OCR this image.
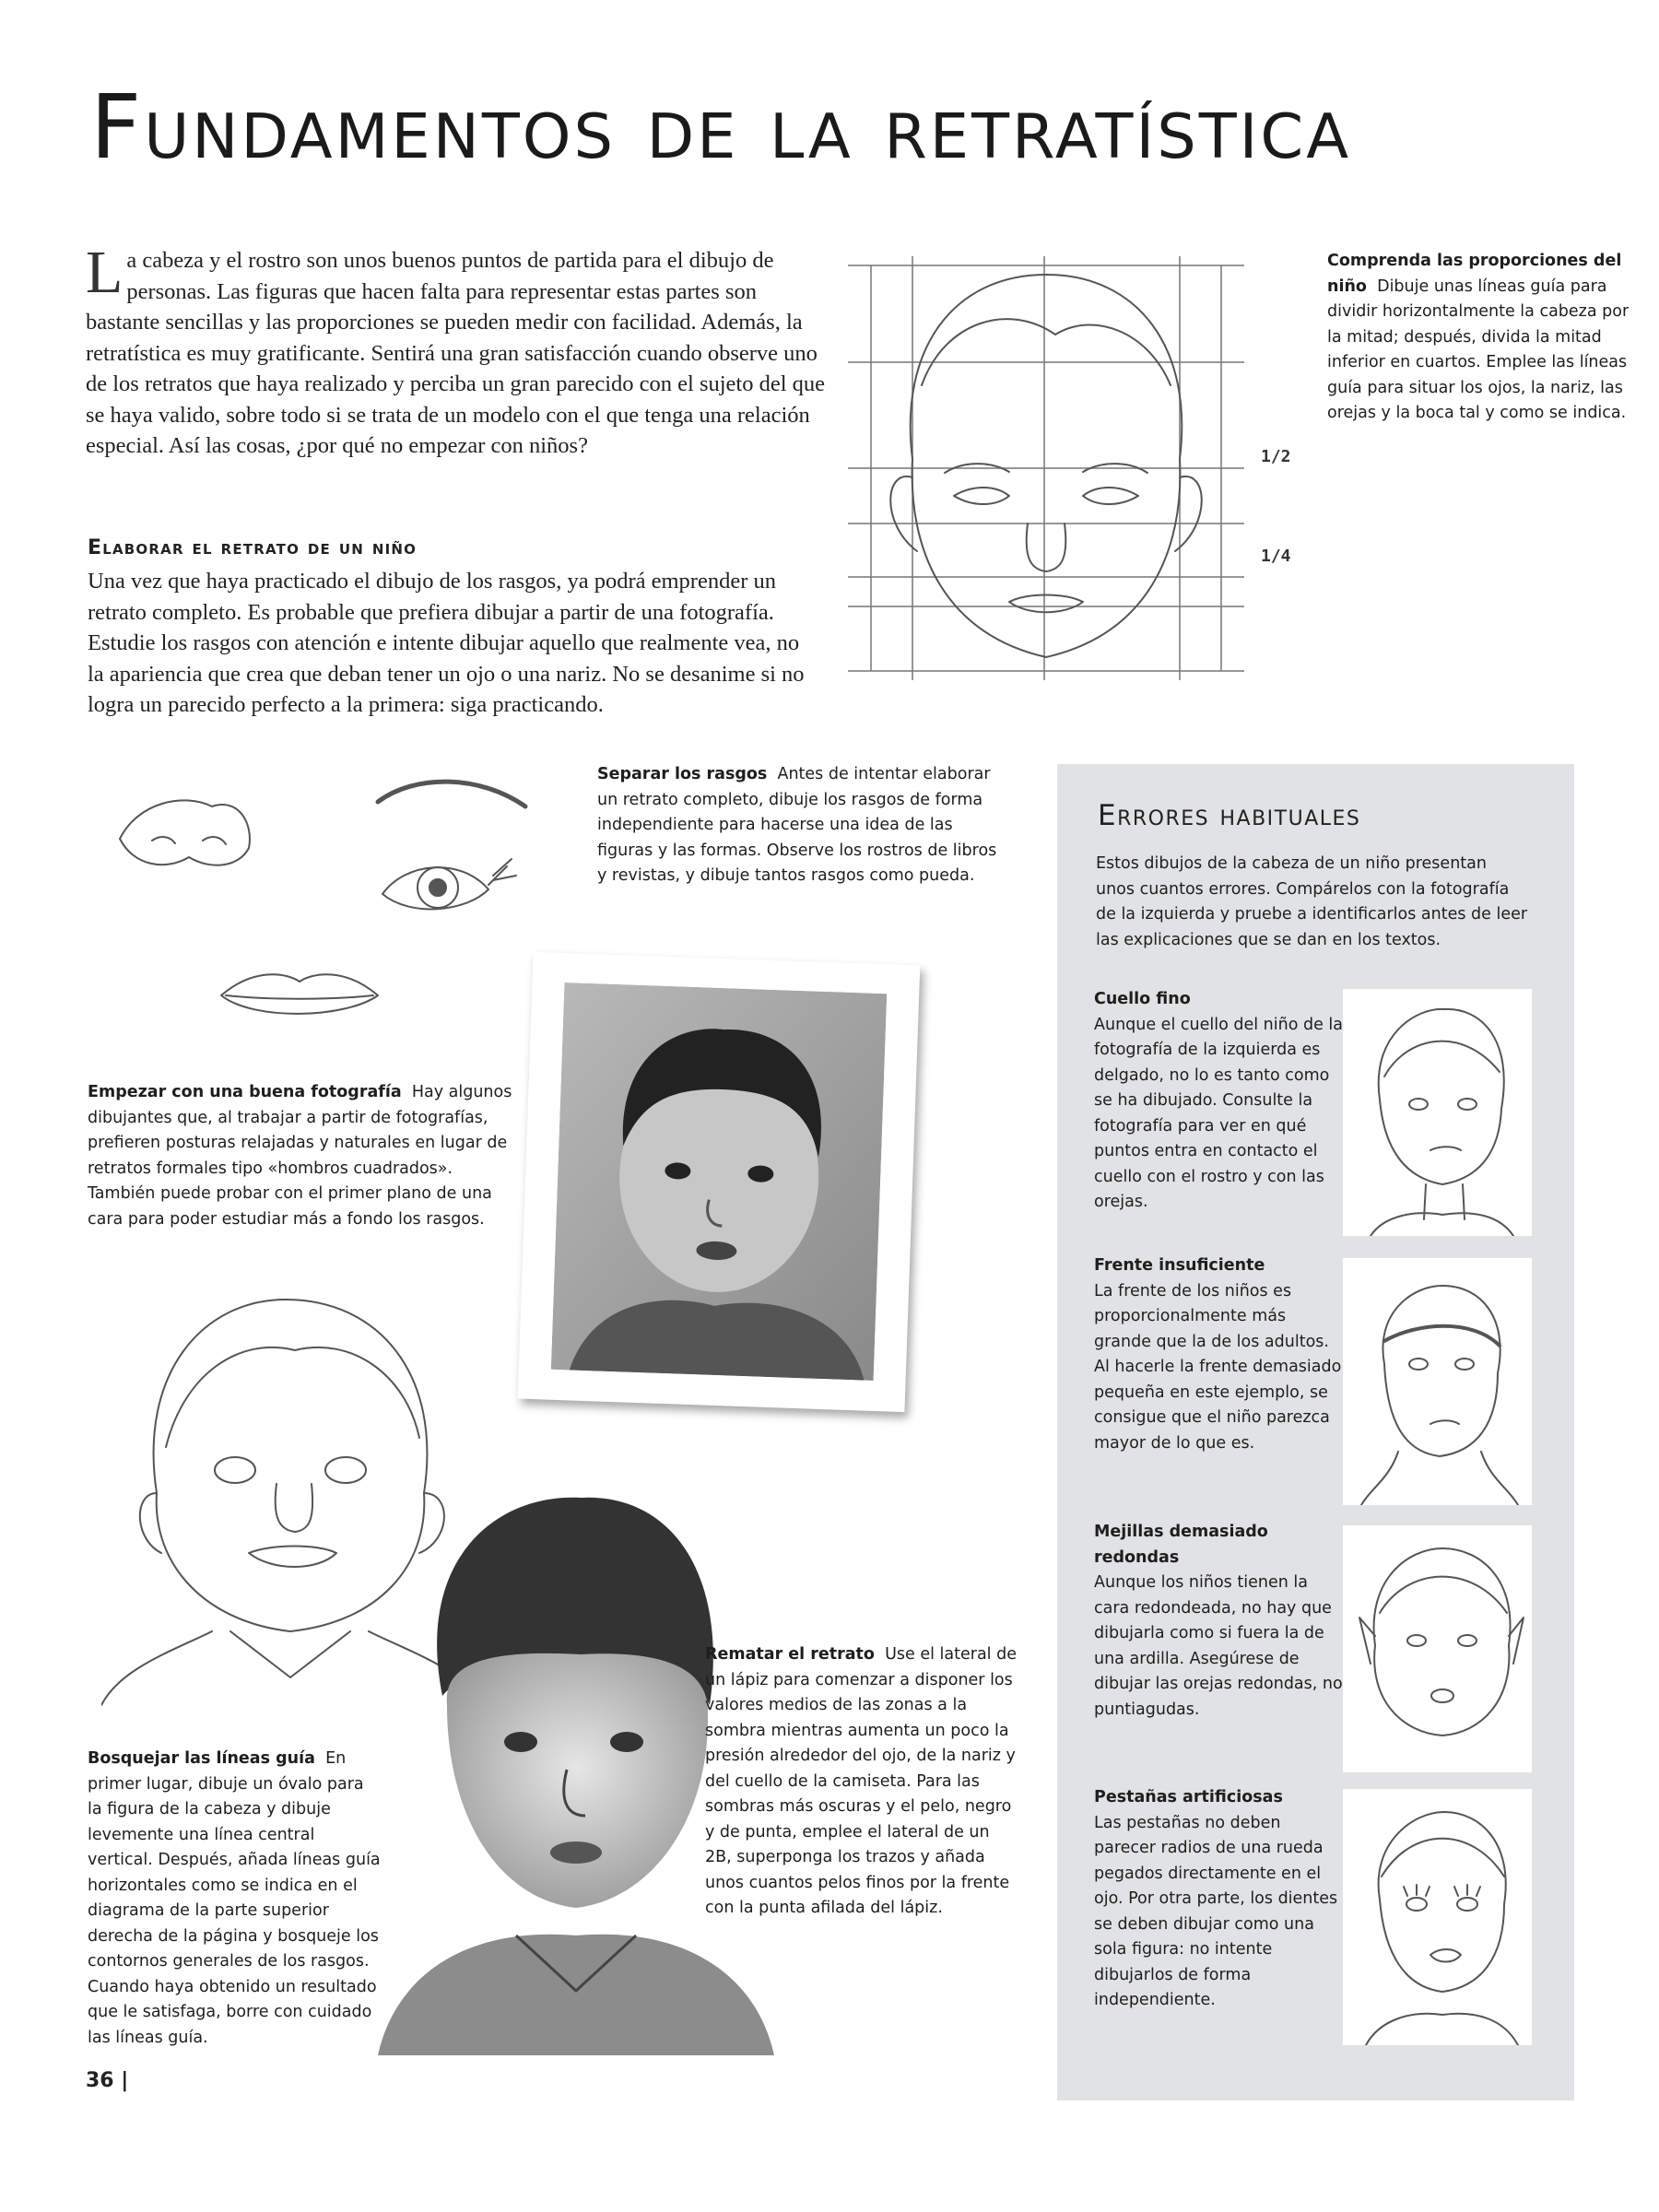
Fundamentos de la retratística
La cabeza y el rostro son unos buenos puntos de partida para el dibujo de personas. Las figuras que hacen falta para representar estas partes son bastante sencillas y las proporciones se pueden medir con facilidad. Además, la retratística es muy gratificante. Sentirá una gran satisfacción cuando observe uno de los retratos que haya realizado y perciba un gran parecido con el sujeto del que se haya valido, sobre todo si se trata de un modelo con el que tenga una relación especial. Así las cosas, ¿por qué no empezar con niños?
Elaborar el retrato de un niño
Una vez que haya practicado el dibujo de los rasgos, ya podrá emprender un retrato completo. Es probable que prefiera dibujar a partir de una fotografía. Estudie los rasgos con atención e intente dibujar aquello que realmente vea, no la apariencia que crea que deban tener un ojo o una nariz. No se desanime si no logra un parecido perfecto a la primera: siga practicando.
1/2
1/4
Comprenda las proporciones del niño Dibuje unas líneas guía para dividir horizontalmente la cabeza por la mitad; después, divida la mitad inferior en cuartos. Emplee las líneas guía para situar los ojos, la nariz, las orejas y la boca tal y como se indica.
Separar los rasgos Antes de intentar elaborar un retrato completo, dibuje los rasgos de forma independiente para hacerse una idea de las figuras y las formas. Observe los rostros de libros y revistas, y dibuje tantos rasgos como pueda.
Empezar con una buena fotografía Hay algunos dibujantes que, al trabajar a partir de fotografías, prefieren posturas relajadas y naturales en lugar de retratos formales tipo «hombros cuadrados». También puede probar con el primer plano de una cara para poder estudiar más a fondo los rasgos.
Bosquejar las líneas guía En primer lugar, dibuje un óvalo para la figura de la cabeza y dibuje levemente una línea central vertical. Después, añada líneas guía horizontales como se indica en el diagrama de la parte superior derecha de la página y bosqueje los contornos generales de los rasgos. Cuando haya obtenido un resultado que le satisfaga, borre con cuidado las líneas guía.
Rematar el retrato Use el lateral de un lápiz para comenzar a disponer los valores medios de las zonas a la sombra mientras aumenta un poco la presión alrededor del ojo, de la nariz y del cuello de la camiseta. Para las sombras más oscuras y el pelo, negro y de punta, emplee el lateral de un 2B, superponga los trazos y añada unos cuantos pelos finos por la frente con la punta afilada del lápiz.
Errores habituales
Estos dibujos de la cabeza de un niño presentan unos cuantos errores. Compárelos con la fotografía de la izquierda y pruebe a identificarlos antes de leer las explicaciones que se dan en los textos.
Cuello fino
Aunque el cuello del niño de la fotografía de la izquierda es delgado, no lo es tanto como se ha dibujado. Consulte la fotografía para ver en qué puntos entra en contacto el cuello con el rostro y con las orejas.
Frente insuficiente
La frente de los niños es proporcionalmente más grande que la de los adultos. Al hacerle la frente demasiado pequeña en este ejemplo, se consigue que el niño parezca mayor de lo que es.
Mejillas demasiado redondas
Aunque los niños tienen la cara redondeada, no hay que dibujarla como si fuera la de una ardilla. Asegúrese de dibujar las orejas redondas, no puntiagudas.
Pestañas artificiosas
Las pestañas no deben parecer radios de una rueda pegados directamente en el ojo. Por otra parte, los dientes se deben dibujar como una sola figura: no intente dibujarlos de forma independiente.
36 |
